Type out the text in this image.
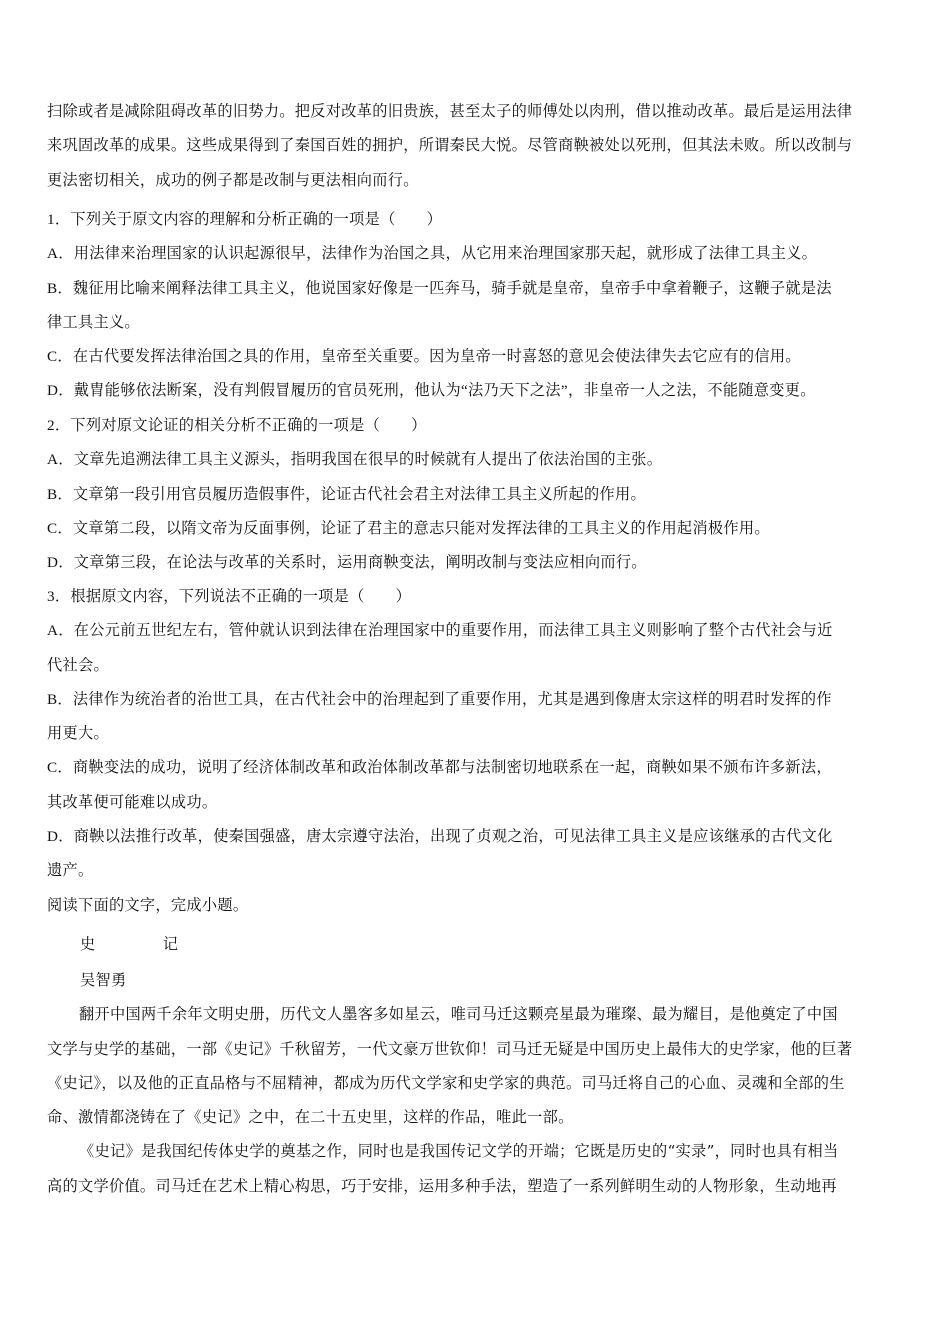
扫除或者是减除阻碍改革的旧势力。把反对改革的旧贵族，甚至太子的师傅处以肉刑，借以推动改革。最后是运用法律
来巩固改革的成果。这些成果得到了秦国百姓的拥护，所谓秦民大悦。尽管商鞅被处以死刑，但其法未败。所以改制与
更法密切相关，成功的例子都是改制与更法相向而行。
1．下列关于原文内容的理解和分析正确的一项是（　　）
A．用法律来治理国家的认识起源很早，法律作为治国之具，从它用来治理国家那天起，就形成了法律工具主义。
B．魏征用比喻来阐释法律工具主义，他说国家好像是一匹奔马，骑手就是皇帝，皇帝手中拿着鞭子，这鞭子就是法
律工具主义。
C．在古代要发挥法律治国之具的作用，皇帝至关重要。因为皇帝一时喜怒的意见会使法律失去它应有的信用。
D．戴胄能够依法断案，没有判假冒履历的官员死刑，他认为“法乃天下之法”，非皇帝一人之法，不能随意变更。
2．下列对原文论证的相关分析不正确的一项是（　　）
A．文章先追溯法律工具主义源头，指明我国在很早的时候就有人提出了依法治国的主张。
B．文章第一段引用官员履历造假事件，论证古代社会君主对法律工具主义所起的作用。
C．文章第二段，以隋文帝为反面事例，论证了君主的意志只能对发挥法律的工具主义的作用起消极作用。
D．文章第三段，在论法与改革的关系时，运用商鞅变法，阐明改制与变法应相向而行。
3．根据原文内容，下列说法不正确的一项是（　　）
A．在公元前五世纪左右，管仲就认识到法律在治理国家中的重要作用，而法律工具主义则影响了整个古代社会与近
代社会。
B．法律作为统治者的治世工具，在古代社会中的治理起到了重要作用，尤其是遇到像唐太宗这样的明君时发挥的作
用更大。
C．商鞅变法的成功，说明了经济体制改革和政治体制改革都与法制密切地联系在一起，商鞅如果不颁布许多新法，
其改革便可能难以成功。
D．商鞅以法推行改革，使秦国强盛，唐太宗遵守法治，出现了贞观之治，可见法律工具主义是应该继承的古代文化
遗产。
阅读下面的文字，完成小题。
史	记
吴智勇
翻开中国两千余年文明史册，历代文人墨客多如星云，唯司马迁这颗亮星最为璀璨、最为耀目，是他奠定了中国
文学与史学的基础，一部《史记》千秋留芳，一代文豪万世钦仰！司马迁无疑是中国历史上最伟大的史学家，他的巨著
《史记》，以及他的正直品格与不屈精神，都成为历代文学家和史学家的典范。司马迁将自己的心血、灵魂和全部的生
命、激情都浇铸在了《史记》之中，在二十五史里，这样的作品，唯此一部。
《史记》是我国纪传体史学的奠基之作，同时也是我国传记文学的开端；它既是历史的“实录”，同时也具有相当
高的文学价值。司马迁在艺术上精心构思，巧于安排，运用多种手法，塑造了一系列鲜明生动的人物形象，生动地再
